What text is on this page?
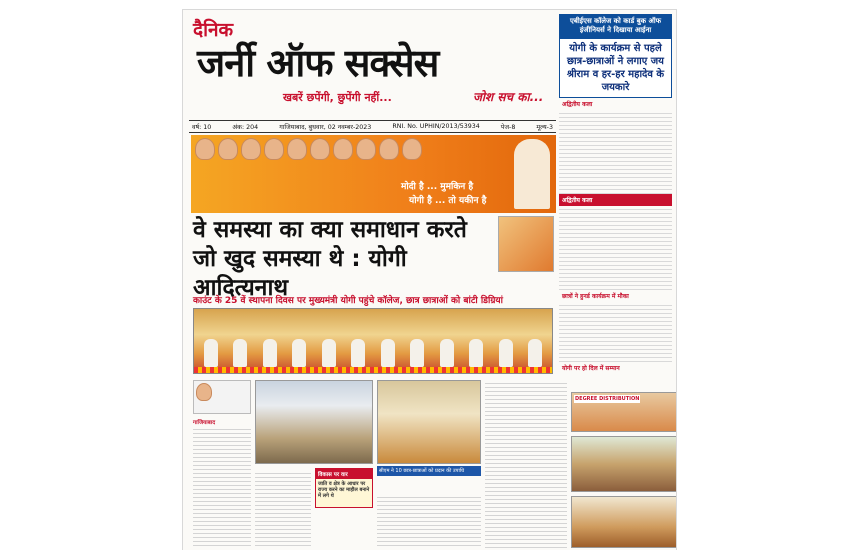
दैनिक
जर्नी ऑफ सक्सेस
खबरें छपेंगी, छुपेंगी नहीं...	जोश सच का...
वर्ष: 10	अंक: 204	गाजियाबाद, बुधवार, 02 नवम्बर-2023	RNI. No. UPHIN/2013/53934	पेज-8	मूल्य-3
एबीईएस कॉलेज को कार्ड बुक ऑफ इंजीनियर्स ने दिखाया आईना
योगी के कार्यक्रम से पहले छात्र-छात्राओं ने लगाए जय श्रीराम व हर-हर महादेव के जयकारे
अद्वितीय कला
अद्वितीय कला
छात्रों ने हुनर्ड कार्यक्रम में मौका
योगी पर हो दिल में सम्मान
मोदी है ... मुमकिन है
योगी है ... तो यकीन है
वे समस्या का क्या समाधान करते जो खुद समस्या थे : योगी आदित्यनाथ
काउंट के 25 वें स्थापना दिवस पर मुख्यमंत्री योगी पहुंचे कॉलेज, छात्र छात्राओं को बांटी डिग्रियां
गाजियाबाद
सीएम ने 10 छात्र-छात्राओं को प्रदान की उपाधि
विकास पर वार
जाति व क्षेत्र के आधार पर राज्य करने का माहौल बनाने में लगे थे
DEGREE DISTRIBUTION
